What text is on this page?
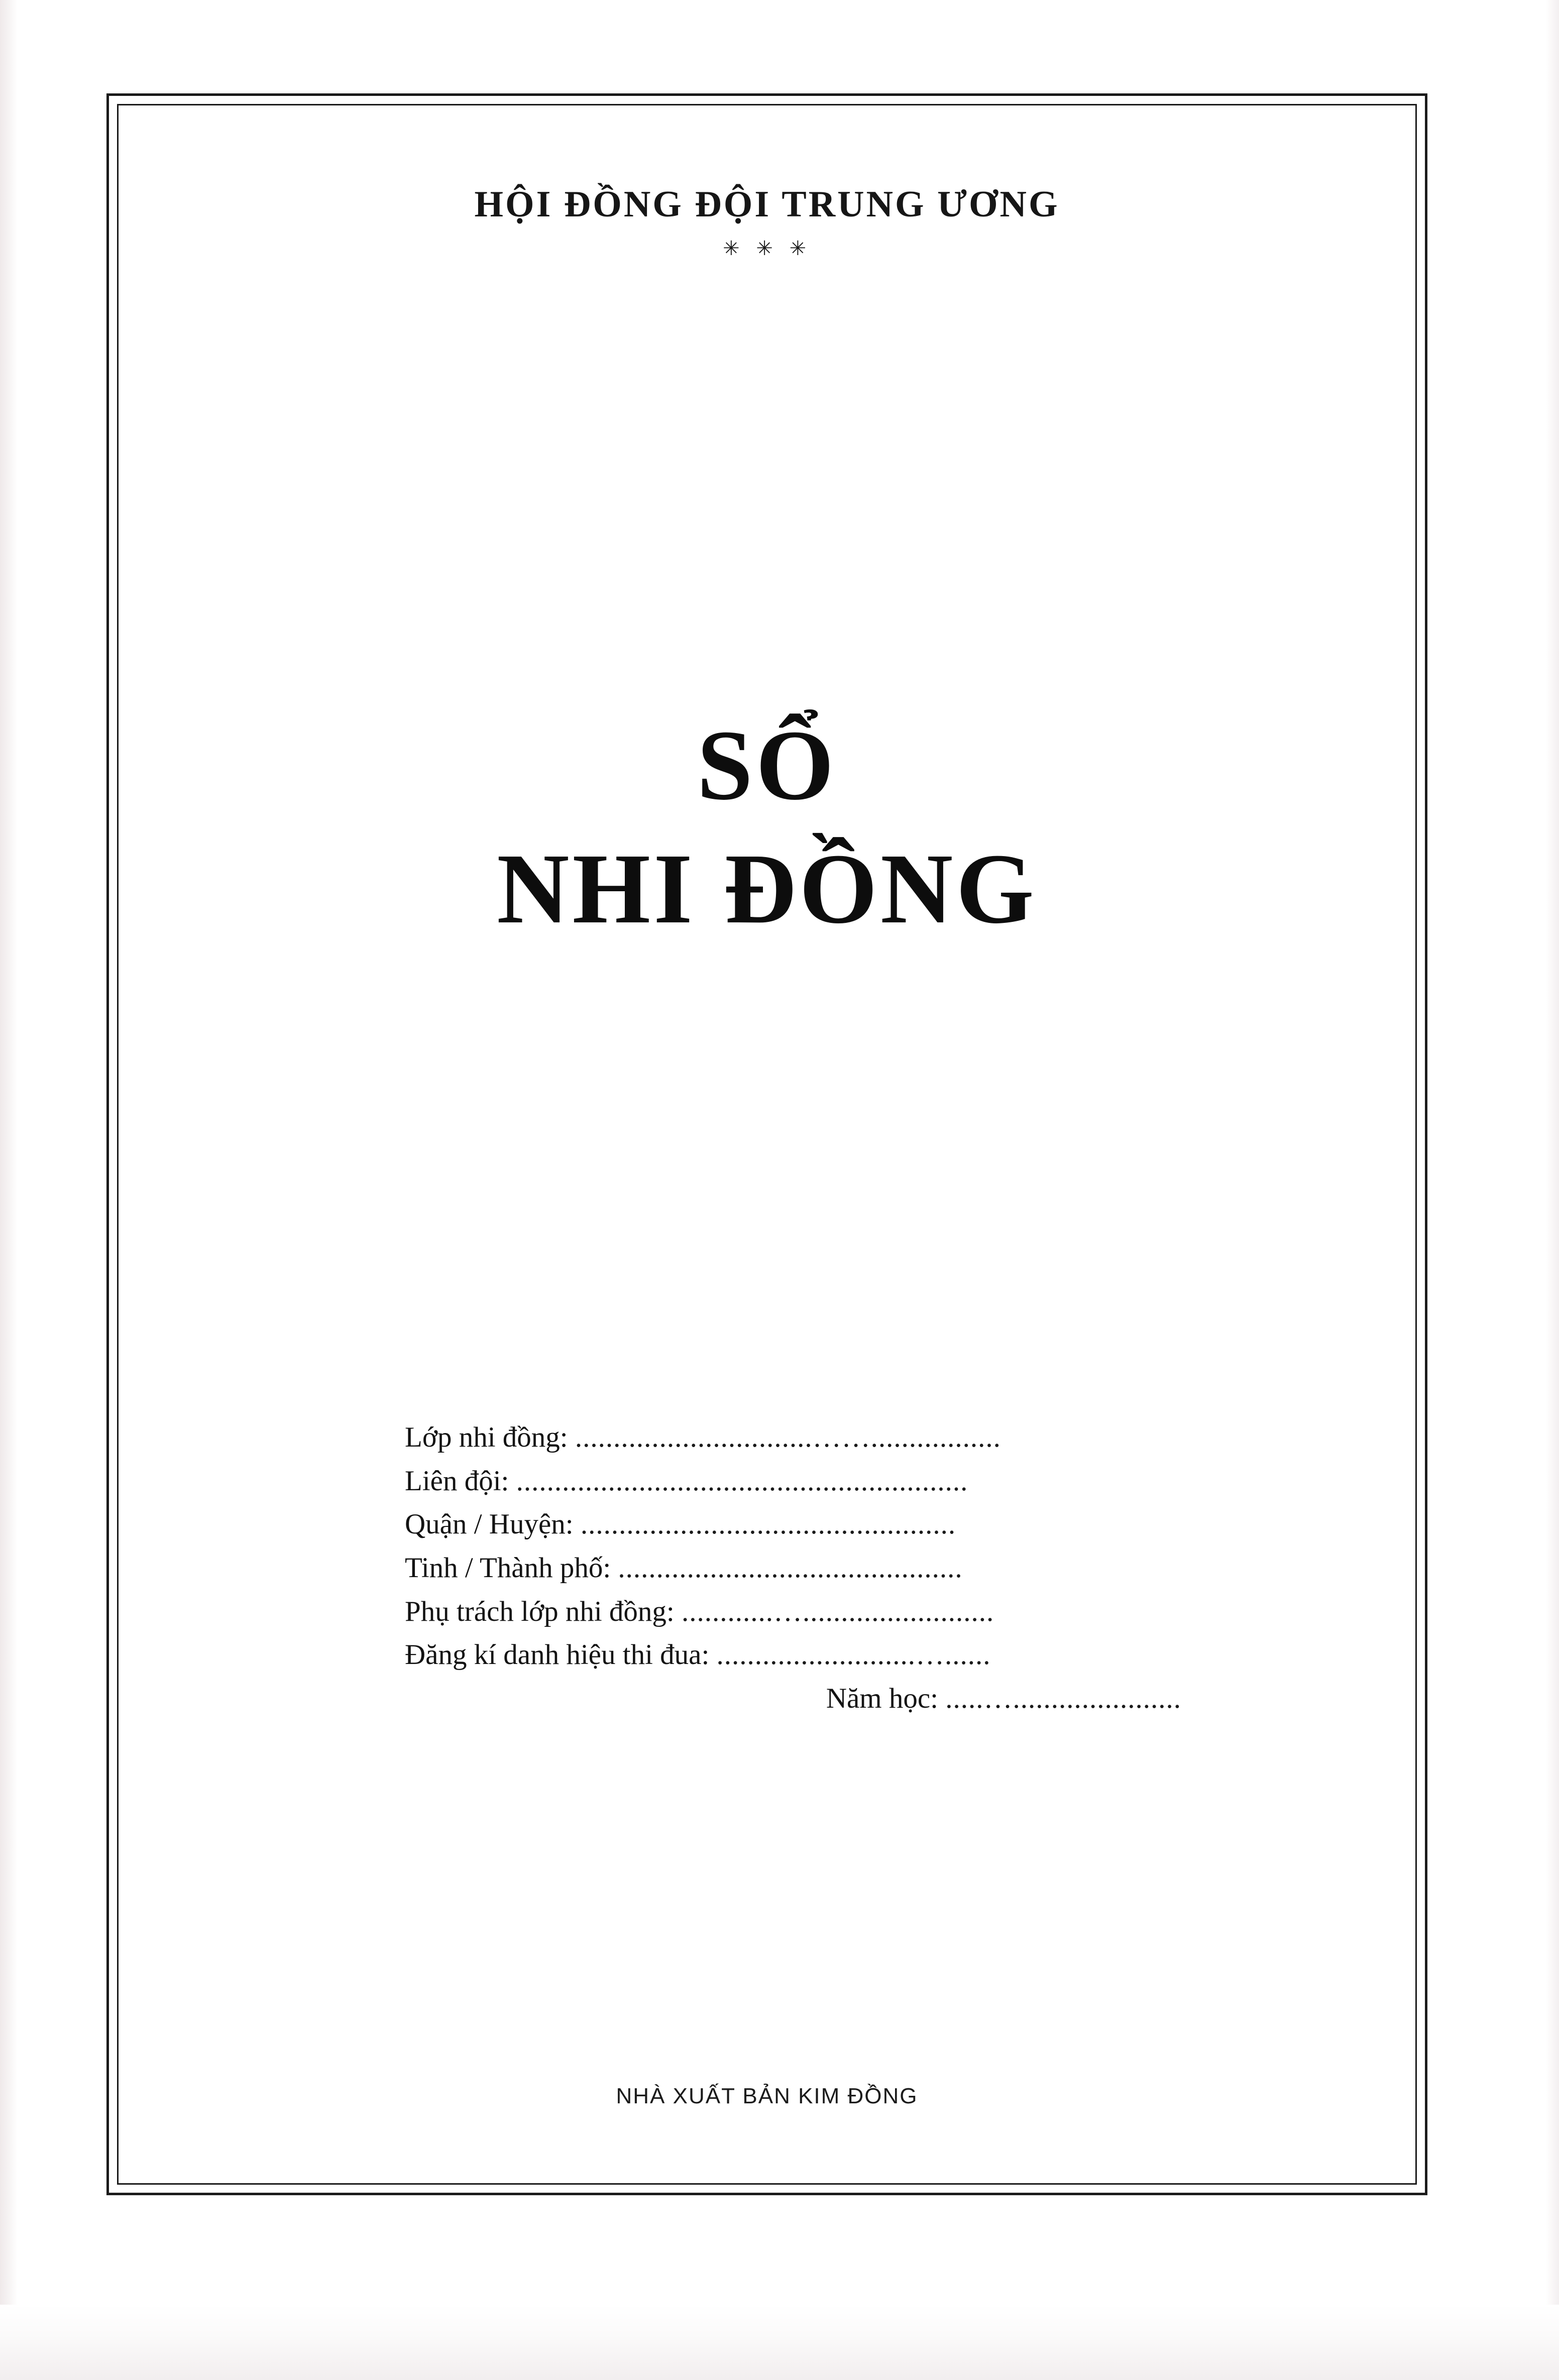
HỘI ĐỒNG ĐỘI TRUNG ƯƠNG
✳ ✳ ✳
SỔ
NHI ĐỒNG
Lớp nhi đồng: ...............................…….................
Liên đội: ...........................................................
Quận / Huyện: .................................................
Tinh / Thành phố: .............................................
Phụ trách lớp nhi đồng: ............….........................
Đăng kí danh hiệu thi đua: ..........................…......
Năm học: .....…......................
NHÀ XUẤT BẢN KIM ĐỒNG
